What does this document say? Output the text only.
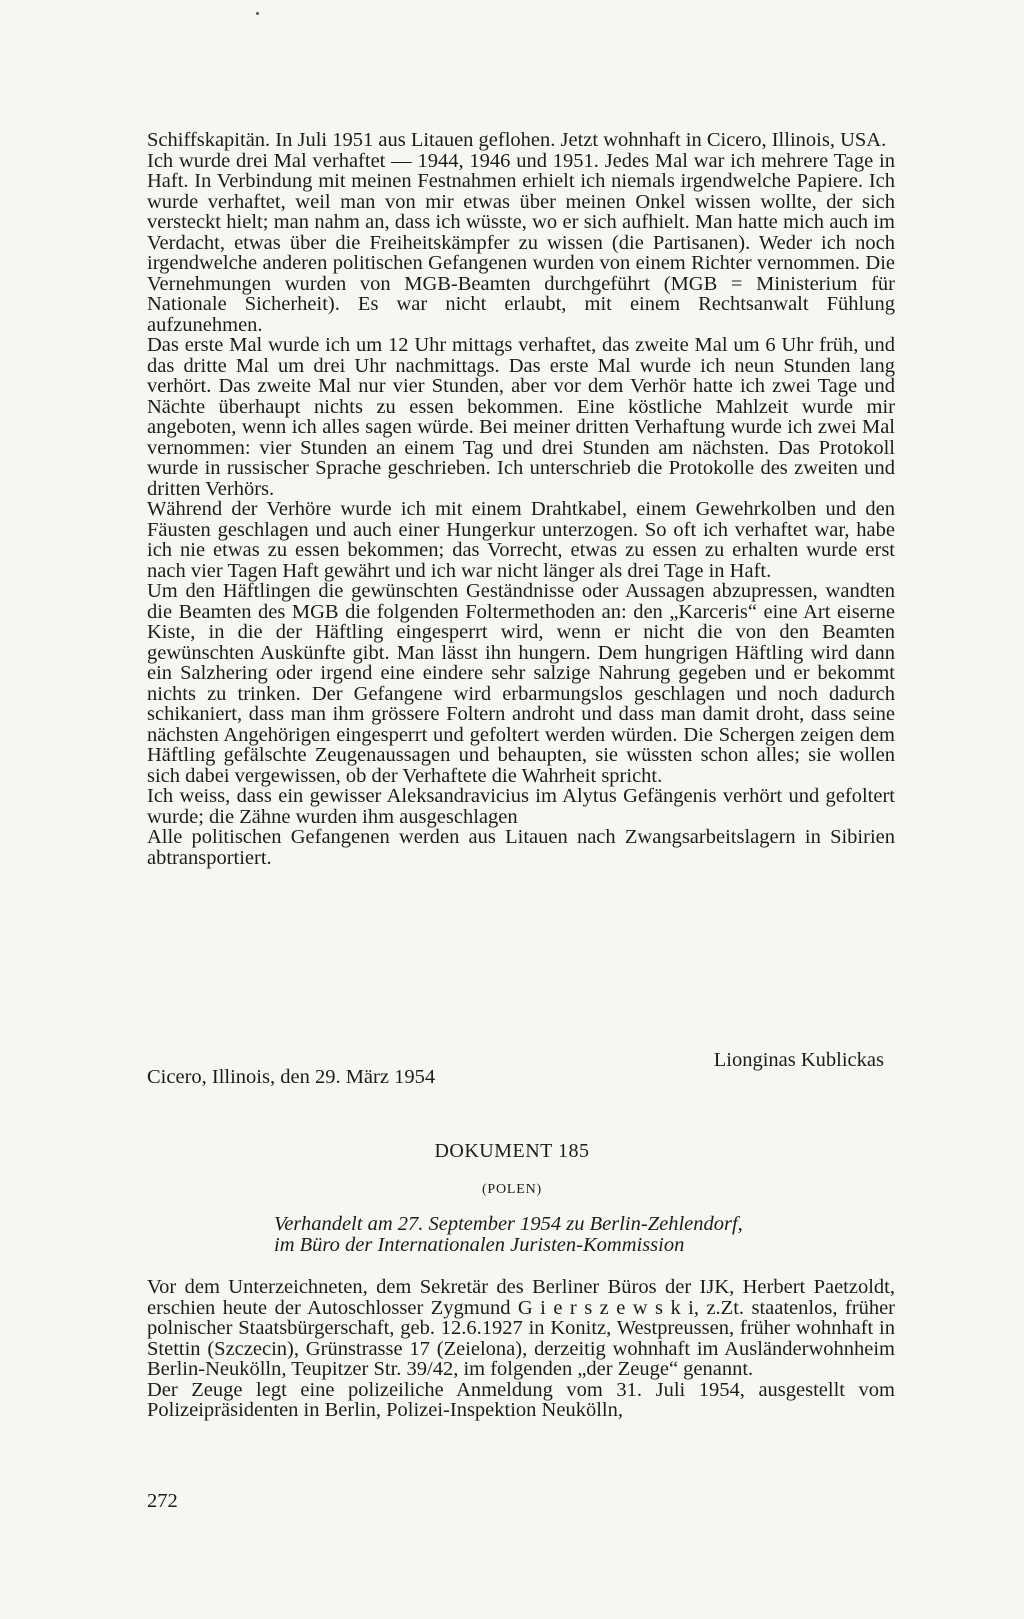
Schiffskapitän. In Juli 1951 aus Litauen geflohen. Jetzt wohnhaft in Cicero, Illinois, USA.

Ich wurde drei Mal verhaftet — 1944, 1946 und 1951. Jedes Mal war ich mehrere Tage in Haft. In Verbindung mit meinen Festnahmen erhielt ich niemals irgendwelche Papiere. Ich wurde verhaftet, weil man von mir etwas über meinen Onkel wissen wollte, der sich versteckt hielt; man nahm an, dass ich wüsste, wo er sich aufhielt. Man hatte mich auch im Verdacht, etwas über die Freiheitskämpfer zu wissen (die Partisanen). Weder ich noch irgendwelche anderen politischen Gefangenen wurden von einem Richter vernommen. Die Vernehmungen wurden von MGB-Beamten durchgeführt (MGB = Ministerium für Nationale Sicherheit). Es war nicht erlaubt, mit einem Rechtsanwalt Fühlung aufzunehmen.

Das erste Mal wurde ich um 12 Uhr mittags verhaftet, das zweite Mal um 6 Uhr früh, und das dritte Mal um drei Uhr nachmittags. Das erste Mal wurde ich neun Stunden lang verhört. Das zweite Mal nur vier Stunden, aber vor dem Verhör hatte ich zwei Tage und Nächte überhaupt nichts zu essen bekommen. Eine köstliche Mahlzeit wurde mir angeboten, wenn ich alles sagen würde. Bei meiner dritten Verhaftung wurde ich zwei Mal vernommen: vier Stunden an einem Tag und drei Stunden am nächsten. Das Protokoll wurde in russischer Sprache geschrieben. Ich unterschrieb die Protokolle des zweiten und dritten Verhörs.

Während der Verhöre wurde ich mit einem Drahtkabel, einem Gewehrkolben und den Fäusten geschlagen und auch einer Hungerkur unterzogen. So oft ich verhaftet war, habe ich nie etwas zu essen bekommen; das Vorrecht, etwas zu essen zu erhalten wurde erst nach vier Tagen Haft gewährt und ich war nicht länger als drei Tage in Haft.

Um den Häftlingen die gewünschten Geständnisse oder Aussagen abzupressen, wandten die Beamten des MGB die folgenden Foltermethoden an: den „Karceris“ eine Art eiserne Kiste, in die der Häftling eingesperrt wird, wenn er nicht die von den Beamten gewünschten Auskünfte gibt. Man lässt ihn hungern. Dem hungrigen Häftling wird dann ein Salzhering oder irgend eine eindere sehr salzige Nahrung gegeben und er bekommt nichts zu trinken. Der Gefangene wird erbarmungslos geschlagen und noch dadurch schikaniert, dass man ihm grössere Foltern androht und dass man damit droht, dass seine nächsten Angehörigen eingesperrt und gefoltert werden würden. Die Schergen zeigen dem Häftling gefälschte Zeugenaussagen und behaupten, sie wüssten schon alles; sie wollen sich dabei vergewissen, ob der Verhaftete die Wahrheit spricht.

Ich weiss, dass ein gewisser Aleksandravicius im Alytus Gefängenis verhört und gefoltert wurde; die Zähne wurden ihm ausgeschlagen

Alle politischen Gefangenen werden aus Litauen nach Zwangsarbeitslagern in Sibirien abtransportiert.

Lionginas Kublickas

Cicero, Illinois, den 29. März 1954

DOKUMENT 185

(POLEN)

Verhandelt am 27. September 1954 zu Berlin-Zehlendorf,
im Büro der Internationalen Juristen-Kommission

Vor dem Unterzeichneten, dem Sekretär des Berliner Büros der IJK, Herbert Paetzoldt, erschien heute der Autoschlosser Zygmund G i e r s z e w s k i, z.Zt. staatenlos, früher polnischer Staatsbürgerschaft, geb. 12.6.1927 in Konitz, Westpreussen, früher wohnhaft in Stettin (Szczecin), Grünstrasse 17 (Zeielona), derzeitig wohnhaft im Ausländerwohnheim Berlin-Neukölln, Teupitzer Str. 39/42, im folgenden „der Zeuge“ genannt.

Der Zeuge legt eine polizeiliche Anmeldung vom 31. Juli 1954, ausgestellt vom Polizeipräsidenten in Berlin, Polizei-Inspektion Neukölln,

272
